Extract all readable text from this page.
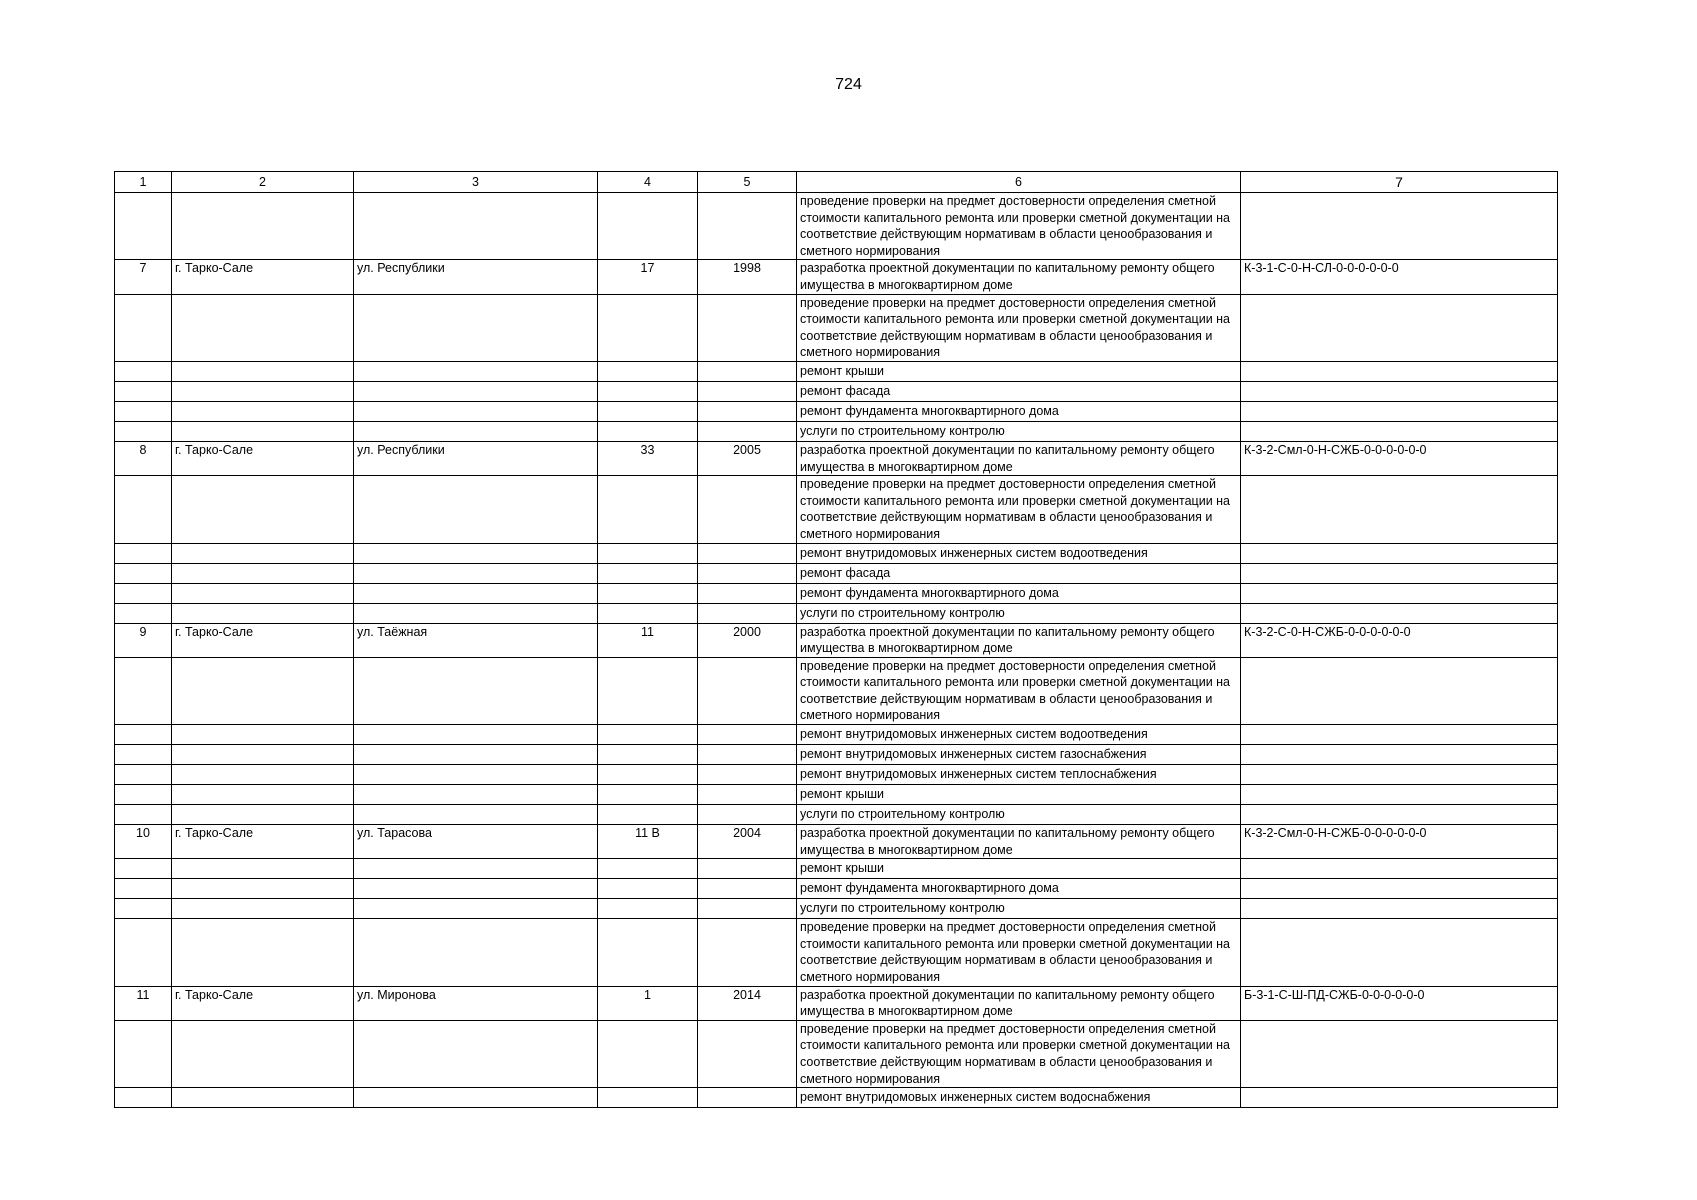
724
1	2	3	4	5	6	7
					проведение проверки на предмет достоверности определения сметной стоимости капитального ремонта или проверки сметной документации на соответствие действующим нормативам в области ценообразования и сметного нормирования	
7	г. Тарко-Сале	ул. Республики	17	1998	разработка проектной документации по капитальному ремонту общего имущества в многоквартирном доме	К-3-1-С-0-Н-СЛ-0-0-0-0-0-0
					проведение проверки на предмет достоверности определения сметной стоимости капитального ремонта или проверки сметной документации на соответствие действующим нормативам в области ценообразования и сметного нормирования	
					ремонт крыши	
					ремонт фасада	
					ремонт фундамента многоквартирного дома	
					услуги по строительному контролю	
8	г. Тарко-Сале	ул. Республики	33	2005	разработка проектной документации по капитальному ремонту общего имущества в многоквартирном доме	К-3-2-Смл-0-Н-СЖБ-0-0-0-0-0-0
					проведение проверки на предмет достоверности определения сметной стоимости капитального ремонта или проверки сметной документации на соответствие действующим нормативам в области ценообразования и сметного нормирования	
					ремонт внутридомовых инженерных систем водоотведения	
					ремонт фасада	
					ремонт фундамента многоквартирного дома	
					услуги по строительному контролю	
9	г. Тарко-Сале	ул. Таёжная	11	2000	разработка проектной документации по капитальному ремонту общего имущества в многоквартирном доме	К-3-2-С-0-Н-СЖБ-0-0-0-0-0-0
					проведение проверки на предмет достоверности определения сметной стоимости капитального ремонта или проверки сметной документации на соответствие действующим нормативам в области ценообразования и сметного нормирования	
					ремонт внутридомовых инженерных систем водоотведения	
					ремонт внутридомовых инженерных систем газоснабжения	
					ремонт внутридомовых инженерных систем теплоснабжения	
					ремонт крыши	
					услуги по строительному контролю	
10	г. Тарко-Сале	ул. Тарасова	11 В	2004	разработка проектной документации по капитальному ремонту общего имущества в многоквартирном доме	К-3-2-Смл-0-Н-СЖБ-0-0-0-0-0-0
					ремонт крыши	
					ремонт фундамента многоквартирного дома	
					услуги по строительному контролю	
					проведение проверки на предмет достоверности определения сметной стоимости капитального ремонта или проверки сметной документации на соответствие действующим нормативам в области ценообразования и сметного нормирования	
11	г. Тарко-Сале	ул. Миронова	1	2014	разработка проектной документации по капитальному ремонту общего имущества в многоквартирном доме	Б-3-1-С-Ш-ПД-СЖБ-0-0-0-0-0-0
					проведение проверки на предмет достоверности определения сметной стоимости капитального ремонта или проверки сметной документации на соответствие действующим нормативам в области ценообразования и сметного нормирования	
					ремонт внутридомовых инженерных систем водоснабжения	
